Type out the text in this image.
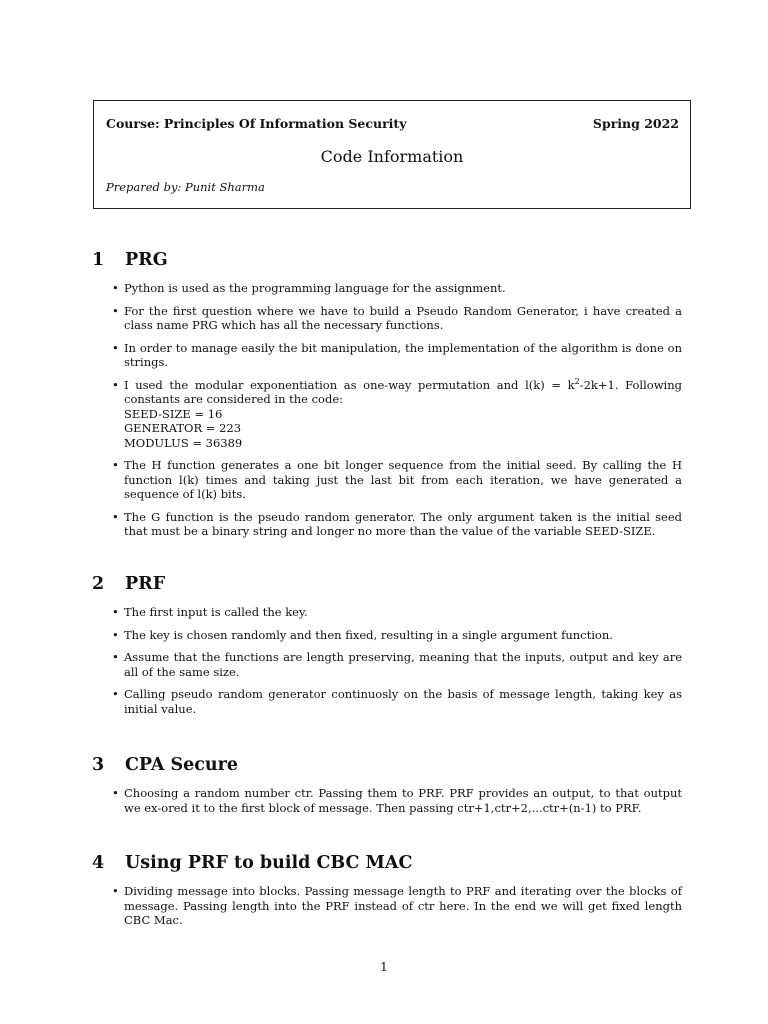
Course: Principles Of Information Security	Spring 2022
Code Information
Prepared by: Punit Sharma
1	PRG
• Python is used as the programming language for the assignment.
• For the first question where we have to build a Pseudo Random Generator, i have created a class name PRG which has all the necessary functions.
• In order to manage easily the bit manipulation, the implementation of the algorithm is done on strings.
• I used the modular exponentiation as one-way permutation and $l(k) = k^2-2k+1$. Following constants are considered in the code:
SEED-SIZE = 16
GENERATOR = 223
MODULUS = 36389
• The H function generates a one bit longer sequence from the initial seed. By calling the H function l(k) times and taking just the last bit from each iteration, we have generated a sequence of l(k) bits.
• The G function is the pseudo random generator. The only argument taken is the initial seed that must be a binary string and longer no more than the value of the variable SEED-SIZE.
2	PRF
• The first input is called the key.
• The key is chosen randomly and then fixed, resulting in a single argument function.
• Assume that the functions are length preserving, meaning that the inputs, output and key are all of the same size.
• Calling pseudo random generator continuosly on the basis of message length, taking key as initial value.
3	CPA Secure
• Choosing a random number ctr. Passing them to PRF. PRF provides an output, to that output we ex-ored it to the first block of message. Then passing ctr+1,ctr+2,...ctr+(n-1) to PRF.
4	Using PRF to build CBC MAC
• Dividing message into blocks. Passing message length to PRF and iterating over the blocks of message. Passing length into the PRF instead of ctr here. In the end we will get fixed length CBC Mac.
1
